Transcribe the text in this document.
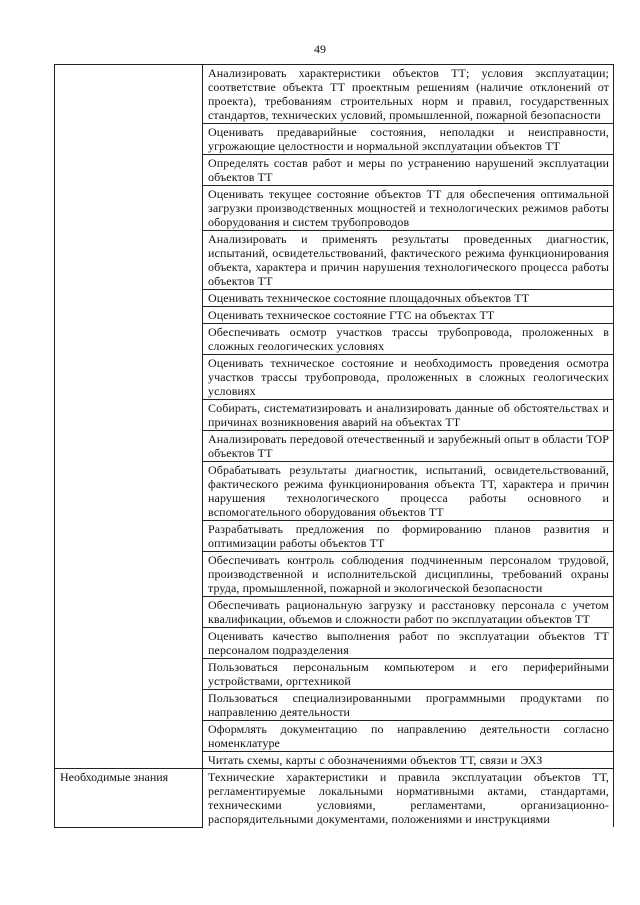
49
	Анализировать характеристики объектов ТТ; условия эксплуатации; соответствие объекта ТТ проектным решениям (наличие отклонений от проекта), требованиям строительных норм и правил, государственных стандартов, технических условий, промышленной, пожарной безопасности
	Оценивать предаварийные состояния, неполадки и неисправности, угрожающие целостности и нормальной эксплуатации объектов ТТ
	Определять состав работ и меры по устранению нарушений эксплуатации объектов ТТ
	Оценивать текущее состояние объектов ТТ для обеспечения оптимальной загрузки производственных мощностей и технологических режимов работы оборудования и систем трубопроводов
	Анализировать и применять результаты проведенных диагностик, испытаний, освидетельствований, фактического режима функционирования объекта, характера и причин нарушения технологического процесса работы объектов ТТ
	Оценивать техническое состояние площадочных объектов ТТ
	Оценивать техническое состояние ГТС на объектах ТТ
	Обеспечивать осмотр участков трассы трубопровода, проложенных в сложных геологических условиях
	Оценивать техническое состояние и необходимость проведения осмотра участков трассы трубопровода, проложенных в сложных геологических условиях
	Собирать, систематизировать и анализировать данные об обстоятельствах и причинах возникновения аварий на объектах ТТ
	Анализировать передовой отечественный и зарубежный опыт в области ТОР объектов ТТ
	Обрабатывать результаты диагностик, испытаний, освидетельствований, фактического режима функционирования объекта ТТ, характера и причин нарушения технологического процесса работы основного и вспомогательного оборудования объектов ТТ
	Разрабатывать предложения по формированию планов развития и оптимизации работы объектов ТТ
	Обеспечивать контроль соблюдения подчиненным персоналом трудовой, производственной и исполнительской дисциплины, требований охраны труда, промышленной, пожарной и экологической безопасности
	Обеспечивать рациональную загрузку и расстановку персонала с учетом квалификации, объемов и сложности работ по эксплуатации объектов ТТ
	Оценивать качество выполнения работ по эксплуатации объектов ТТ персоналом подразделения
	Пользоваться персональным компьютером и его периферийными устройствами, оргтехникой
	Пользоваться специализированными программными продуктами по направлению деятельности
	Оформлять документацию по направлению деятельности согласно номенклатуре
	Читать схемы, карты с обозначениями объектов ТТ, связи и ЭХЗ
Необходимые знания	Технические характеристики и правила эксплуатации объектов ТТ, регламентируемые локальными нормативными актами, стандартами, техническими условиями, регламентами, организационно-распорядительными документами, положениями и инструкциями
